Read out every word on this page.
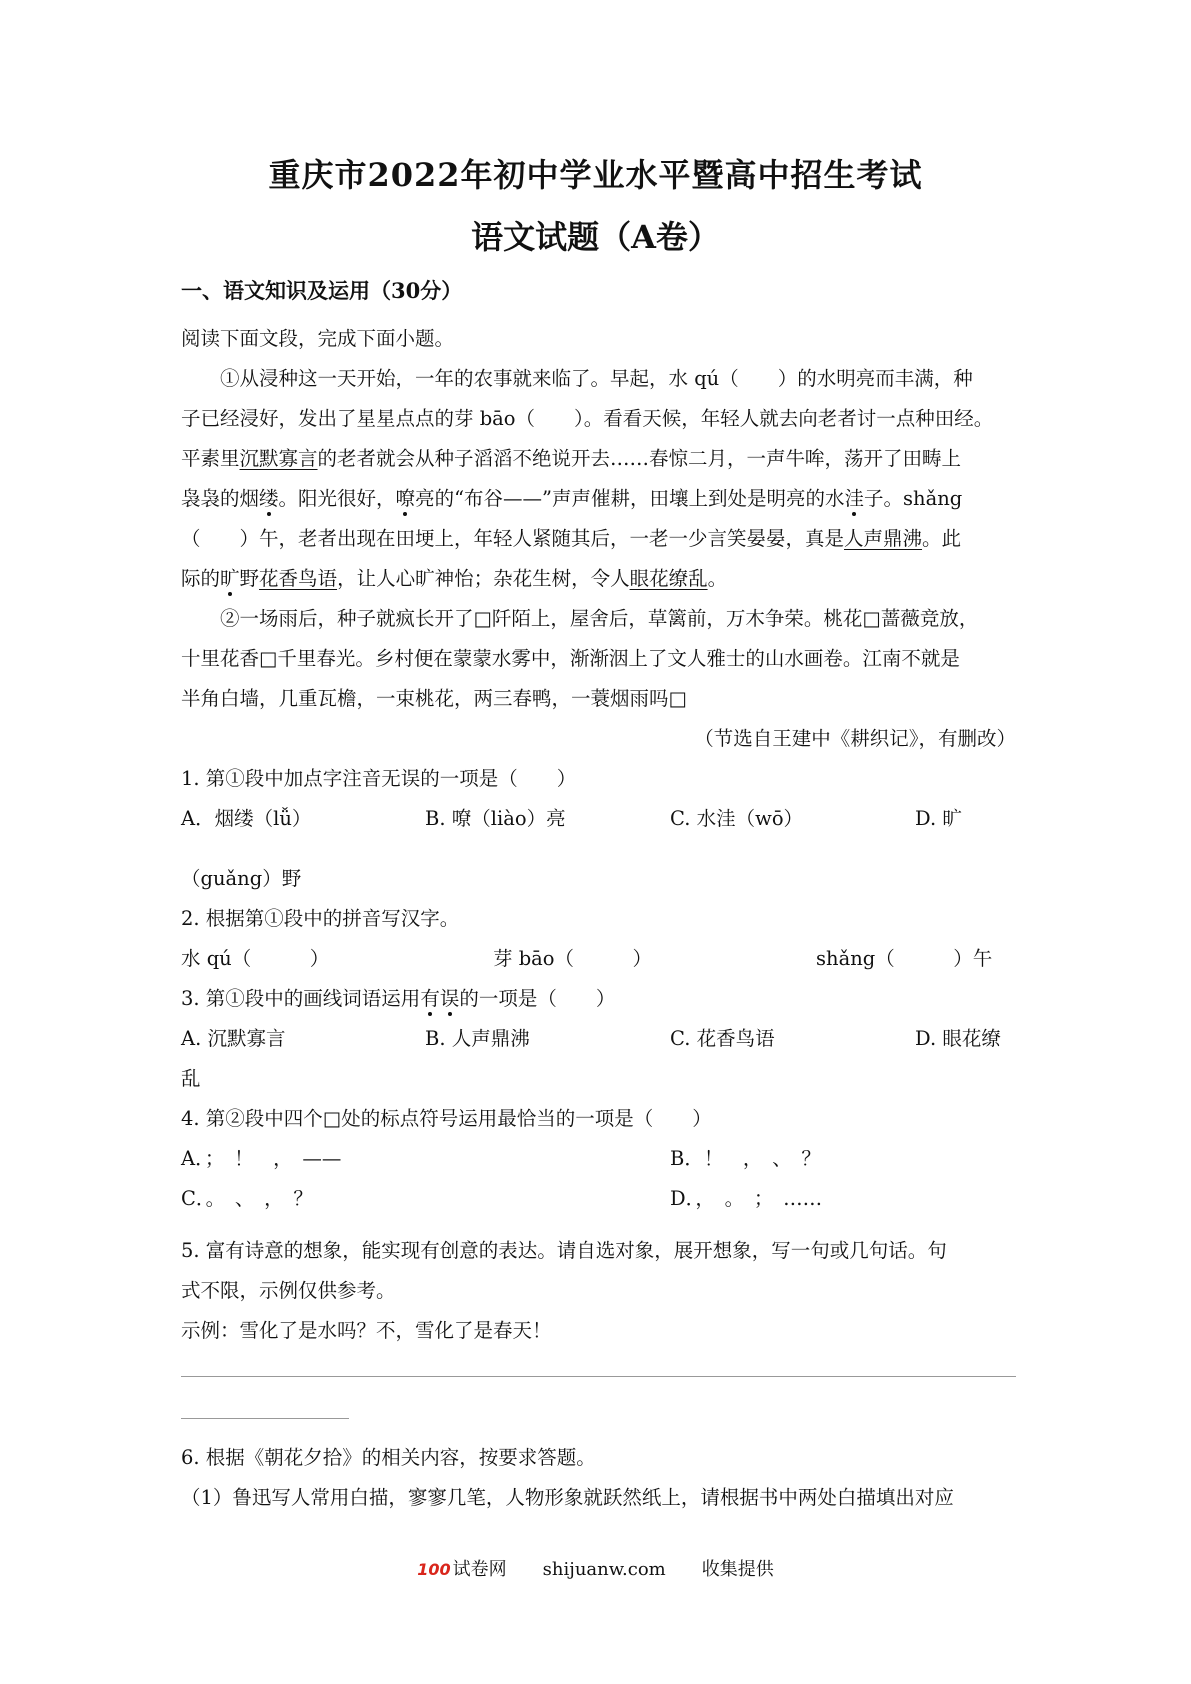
重庆市2022年初中学业水平暨高中招生考试
语文试题（A卷）
一、语文知识及运用（30分）
阅读下面文段，完成下面小题。
①从浸种这一天开始，一年的农事就来临了。早起，水 qú（　　）的水明亮而丰满，种
子已经浸好，发出了星星点点的芽 bāo（　　）。看看天候，年轻人就去向老者讨一点种田经。
平素里沉默寡言的老者就会从种子滔滔不绝说开去……春惊二月，一声牛哞，荡开了田畴上
袅袅的烟缕。阳光很好，嘹亮的“布谷——”声声催耕，田壤上到处是明亮的水洼子。shǎng
（　　）午，老者出现在田埂上，年轻人紧随其后，一老一少言笑晏晏，真是人声鼎沸。此
际的旷野花香鸟语，让人心旷神怡；杂花生树，令人眼花缭乱。
②一场雨后，种子就疯长开了□阡陌上，屋舍后，草篱前，万木争荣。桃花□蔷薇竞放，
十里花香□千里春光。乡村便在蒙蒙水雾中，渐渐洇上了文人雅士的山水画卷。江南不就是
半角白墙，几重瓦檐，一束桃花，两三春鸭，一蓑烟雨吗□
（节选自王建中《耕织记》，有删改）
1. 第①段中加点字注音无误的一项是（　　）
A．烟缕（lǚ）	B. 嘹（liào）亮	C. 水洼（wō）	D. 旷
（guǎng）野
2. 根据第①段中的拼音写汉字。
水 qú（　　　）	芽 bāo（　　　）	shǎng（　　　）午
3. 第①段中的画线词语运用有误的一项是（　　）
A. 沉默寡言	B. 人声鼎沸	C. 花香鸟语	D. 眼花缭
乱
4. 第②段中四个□处的标点符号运用最恰当的一项是（　　）
A．；　！　，　——	B．！　，　、　？
C．。　、　，　？	D．，　。　；　……
5. 富有诗意的想象，能实现有创意的表达。请自选对象，展开想象，写一句或几句话。句
式不限，示例仅供参考。
示例：雪化了是水吗？不，雪化了是春天！
6. 根据《朝花夕拾》的相关内容，按要求答题。
（1）鲁迅写人常用白描，寥寥几笔，人物形象就跃然纸上，请根据书中两处白描填出对应
100 试卷网 shijuanw.com 收集提供
